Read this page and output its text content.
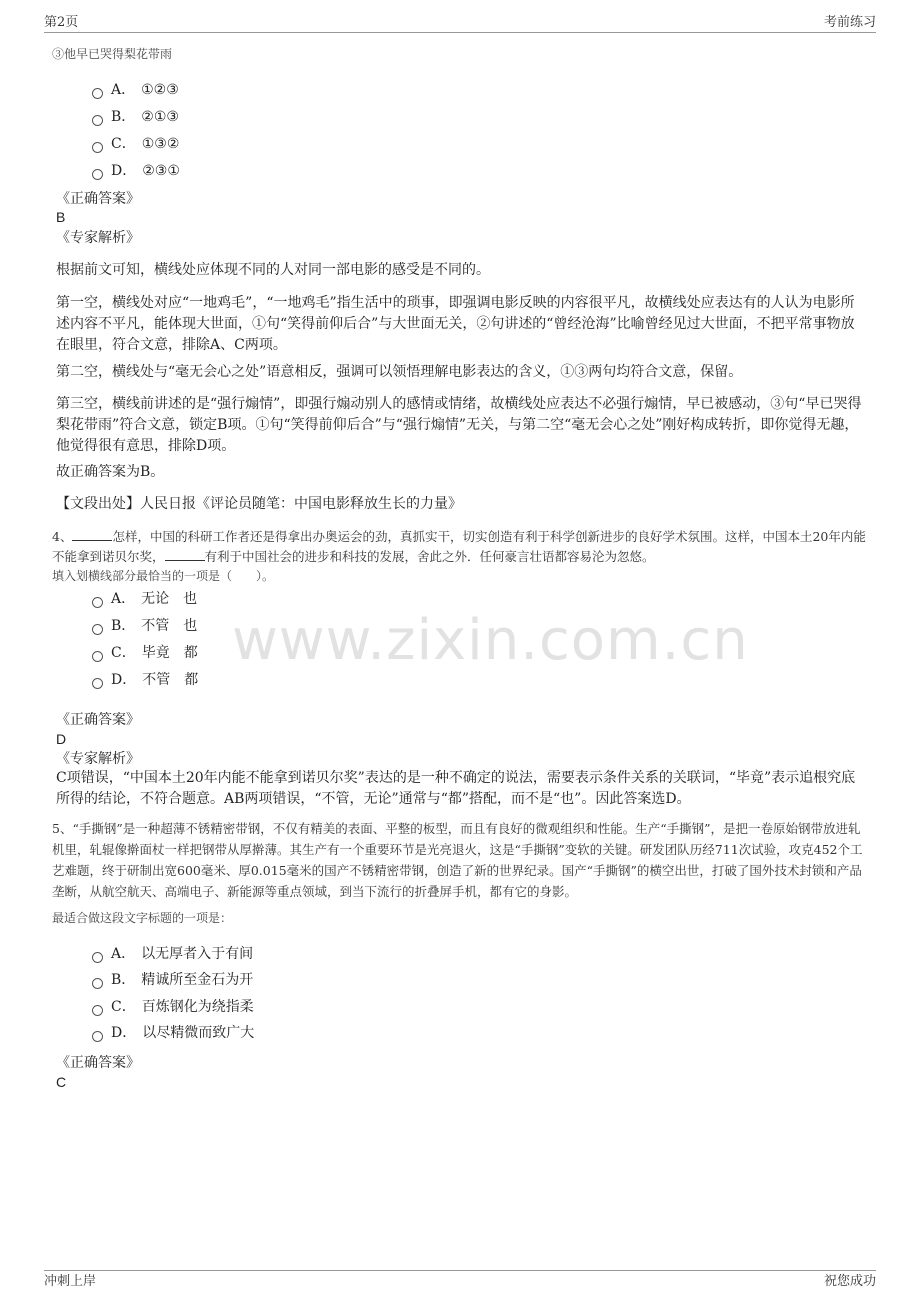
第2页	考前练习
www.zixin.com.cn
③他早已哭得梨花带雨
A． ①②③
B． ②①③
C． ①③②
D． ②③①
《正确答案》
B
《专家解析》
根据前文可知，横线处应体现不同的人对同一部电影的感受是不同的。
第一空，横线处对应“一地鸡毛”，“一地鸡毛”指生活中的琐事，即强调电影反映的内容很平凡，故横线处应表达有的人认为电影所述内容不平凡，能体现大世面，①句“笑得前仰后合”与大世面无关，②句讲述的“曾经沧海”比喻曾经见过大世面，不把平常事物放在眼里，符合文意，排除A、C两项。
第二空，横线处与“毫无会心之处”语意相反，强调可以领悟理解电影表达的含义，①③两句均符合文意，保留。
第三空，横线前讲述的是“强行煽情”，即强行煽动别人的感情或情绪，故横线处应表达不必强行煽情，早已被感动，③句“早已哭得梨花带雨”符合文意，锁定B项。①句“笑得前仰后合”与“强行煽情”无关，与第二空“毫无会心之处”刚好构成转折，即你觉得无趣，他觉得很有意思，排除D项。
故正确答案为B。
【文段出处】人民日报《评论员随笔：中国电影释放生长的力量》
4、	怎样，中国的科研工作者还是得拿出办奥运会的劲，真抓实干，切实创造有利于科学创新进步的良好学术氛围。这样，中国本土20年内能不能拿到诺贝尔奖，	有利于中国社会的进步和科技的发展，舍此之外．任何豪言壮语都容易沦为忽悠。
填入划横线部分最恰当的一项是（　　）。
A． 无论　也
B． 不管　也
C． 毕竟　都
D． 不管　都
《正确答案》
D
《专家解析》
C项错误，“中国本土20年内能不能拿到诺贝尔奖”表达的是一种不确定的说法，需要表示条件关系的关联词，“毕竟”表示追根究底所得的结论，不符合题意。AB两项错误，“不管，无论”通常与“都”搭配，而不是“也”。因此答案选D。
5、“手撕钢”是一种超薄不锈精密带钢，不仅有精美的表面、平整的板型，而且有良好的微观组织和性能。生产“手撕钢”，是把一卷原始钢带放进轧机里，轧辊像擀面杖一样把钢带从厚擀薄。其生产有一个重要环节是光亮退火，这是“手撕钢”变软的关键。研发团队历经711次试验，攻克452个工艺难题，终于研制出宽600毫米、厚0.015毫米的国产不锈精密带钢，创造了新的世界纪录。国产“手撕钢”的横空出世，打破了国外技术封锁和产品垄断，从航空航天、高端电子、新能源等重点领域，到当下流行的折叠屏手机，都有它的身影。
最适合做这段文字标题的一项是：
A． 以无厚者入于有间
B． 精诚所至金石为开
C． 百炼钢化为绕指柔
D． 以尽精微而致广大
《正确答案》
C
冲刺上岸	祝您成功
